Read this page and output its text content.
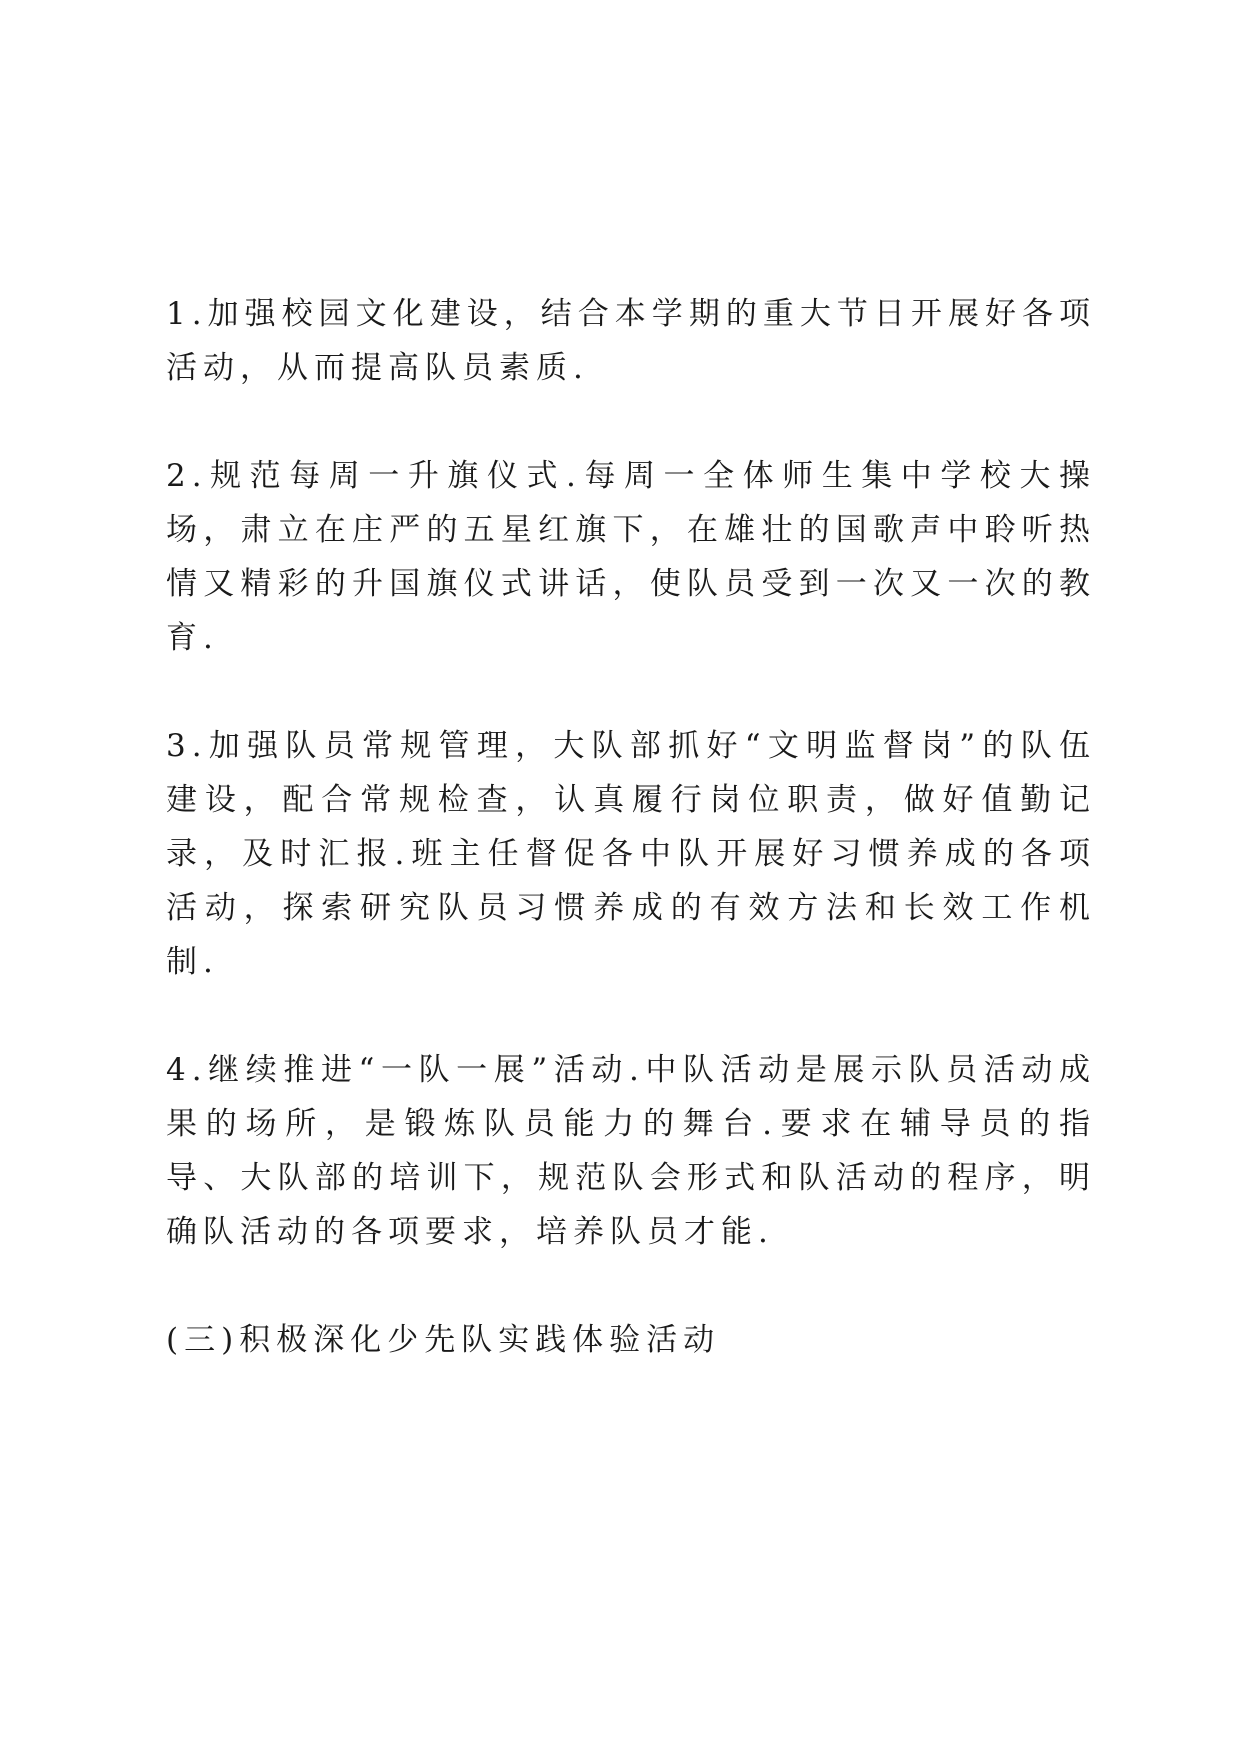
1.加强校园文化建设，结合本学期的重大节日开展好各项活动，从而提高队员素质.

2.规范每周一升旗仪式.每周一全体师生集中学校大操场，肃立在庄严的五星红旗下，在雄壮的国歌声中聆听热情又精彩的升国旗仪式讲话，使队员受到一次又一次的教育.

3.加强队员常规管理，大队部抓好“文明监督岗”的队伍建设，配合常规检查，认真履行岗位职责，做好值勤记录，及时汇报.班主任督促各中队开展好习惯养成的各项活动，探索研究队员习惯养成的有效方法和长效工作机制.

4.继续推进“一队一展”活动.中队活动是展示队员活动成果的场所，是锻炼队员能力的舞台.要求在辅导员的指导、大队部的培训下，规范队会形式和队活动的程序，明确队活动的各项要求，培养队员才能.

(三)积极深化少先队实践体验活动
